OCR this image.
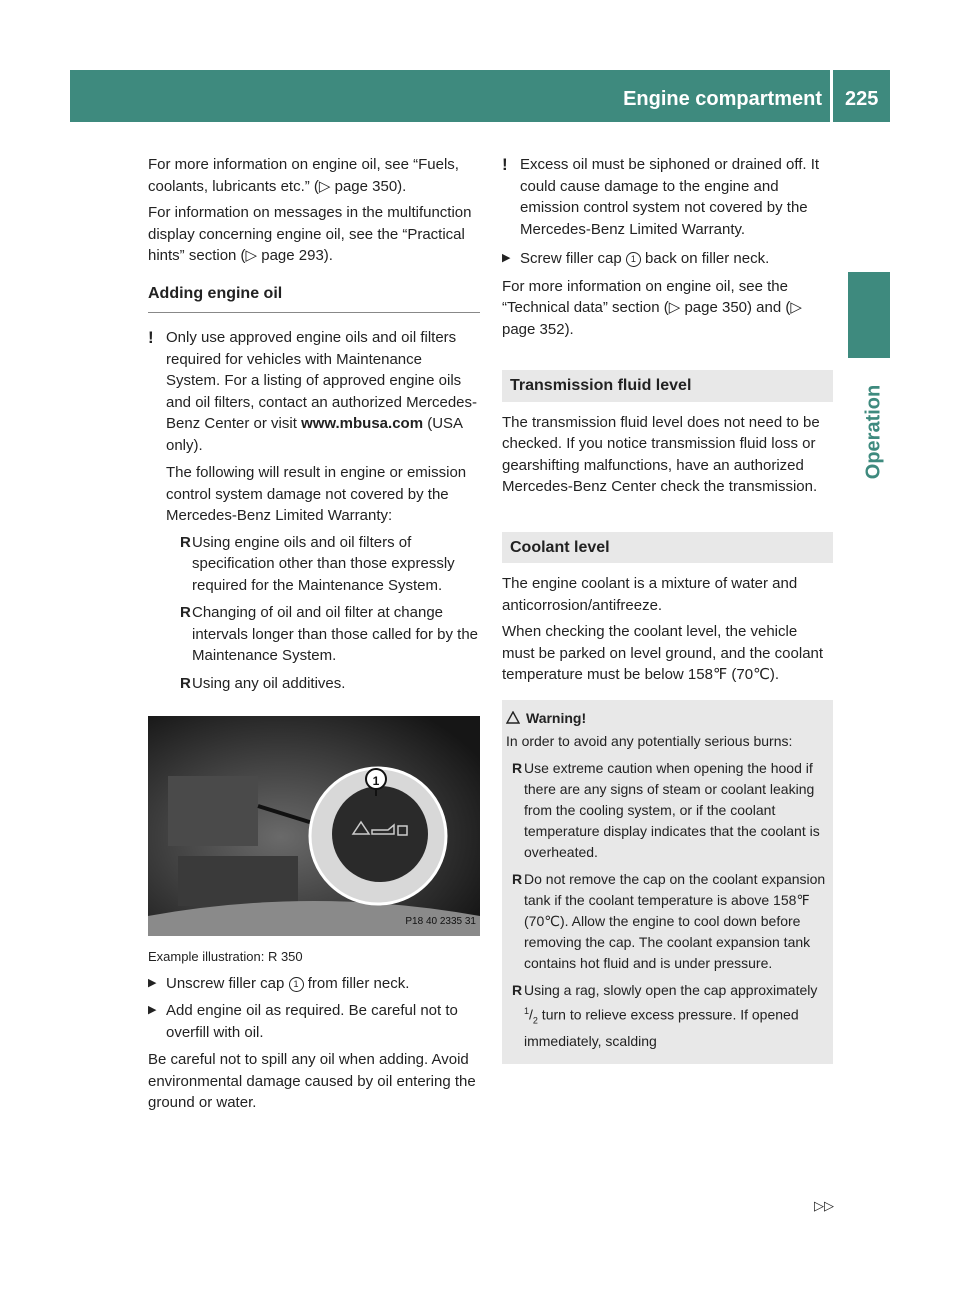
Engine compartment 225
Operation

For more information on engine oil, see “Fuels, coolants, lubricants etc.” (▷ page 350).

For information on messages in the multifunction display concerning engine oil, see the “Practical hints” section (▷ page 293).

Adding engine oil
! Only use approved engine oils and oil filters required for vehicles with Maintenance System. For a listing of approved engine oils and oil filters, contact an authorized Mercedes-Benz Center or visit www.mbusa.com (USA only).

The following will result in engine or emission control system damage not covered by the Mercedes-Benz Limited Warranty:

R Using engine oils and oil filters of specification other than those expressly required for the Maintenance System.
R Changing of oil and oil filter at change intervals longer than those called for by the Maintenance System.
R Using any oil additives.
1
P18 40 2335 31

Example illustration: R 350

▶ Unscrew filler cap 1 from filler neck.
▶ Add engine oil as required. Be careful not to overfill with oil.

Be careful not to spill any oil when adding. Avoid environmental damage caused by oil entering the ground or water.

! Excess oil must be siphoned or drained off. It could cause damage to the engine and emission control system not covered by the Mercedes-Benz Limited Warranty.
▶ Screw filler cap 1 back on filler neck.

For more information on engine oil, see the “Technical data” section (▷ page 350) and (▷ page 352).

Transmission fluid level

The transmission fluid level does not need to be checked. If you notice transmission fluid loss or gearshifting malfunctions, have an authorized Mercedes-Benz Center check the transmission.

Coolant level

The engine coolant is a mixture of water and anticorrosion/antifreeze.

When checking the coolant level, the vehicle must be parked on level ground, and the coolant temperature must be below 158℉ (70℃).

Warning!
In order to avoid any potentially serious burns:
R Use extreme caution when opening the hood if there are any signs of steam or coolant leaking from the cooling system, or if the coolant temperature display indicates that the coolant is overheated.
R Do not remove the cap on the coolant expansion tank if the coolant temperature is above 158℉ (70℃). Allow the engine to cool down before removing the cap. The coolant expansion tank contains hot fluid and is under pressure.
R Using a rag, slowly open the cap approximately $^1/_2$ turn to relieve excess pressure. If opened immediately, scalding
▷▷
